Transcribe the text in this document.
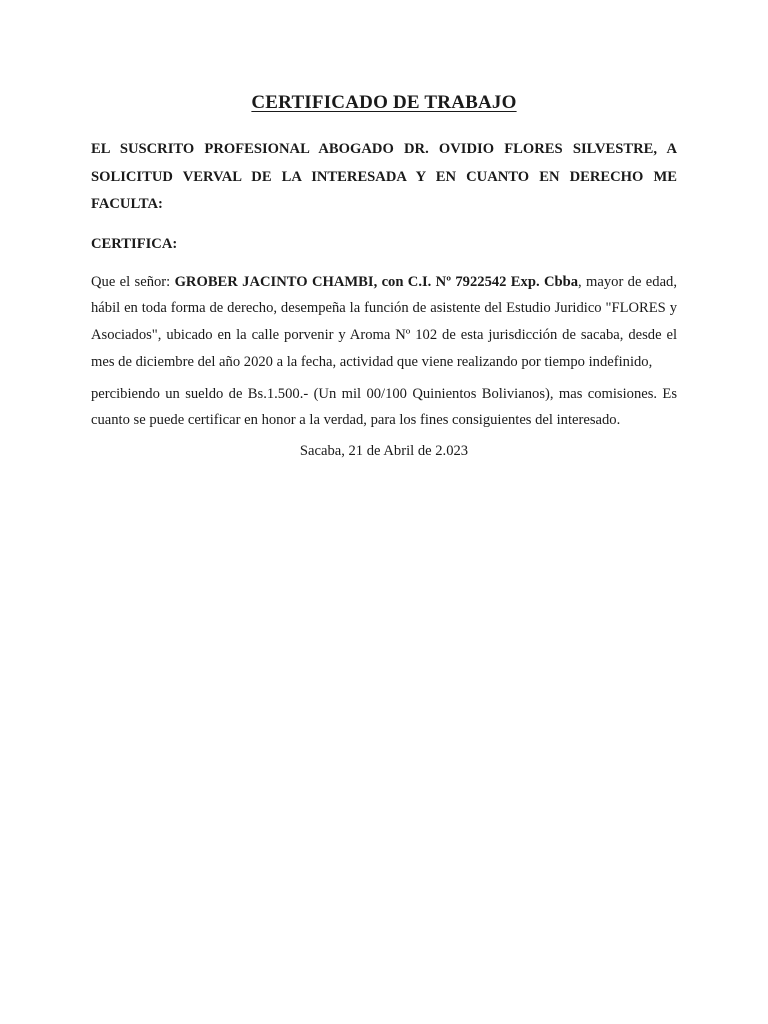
CERTIFICADO DE TRABAJO

EL SUSCRITO PROFESIONAL ABOGADO DR. OVIDIO FLORES SILVESTRE, A SOLICITUD VERVAL DE LA INTERESADA Y EN CUANTO EN DERECHO ME FACULTA:

CERTIFICA:

Que el señor: GROBER JACINTO CHAMBI, con C.I. Nº 7922542 Exp. Cbba, mayor de edad, hábil en toda forma de derecho, desempeña la función de asistente del Estudio Juridico "FLORES y Asociados", ubicado en la calle porvenir y Aroma Nº 102 de esta jurisdicción de sacaba, desde el mes de diciembre del año 2020 a la fecha, actividad que viene realizando por tiempo indefinido,

percibiendo un sueldo de Bs.1.500.- (Un mil 00/100 Quinientos Bolivianos), mas comisiones. Es cuanto se puede certificar en honor a la verdad, para los fines consiguientes del interesado.

Sacaba, 21 de Abril de 2.023
